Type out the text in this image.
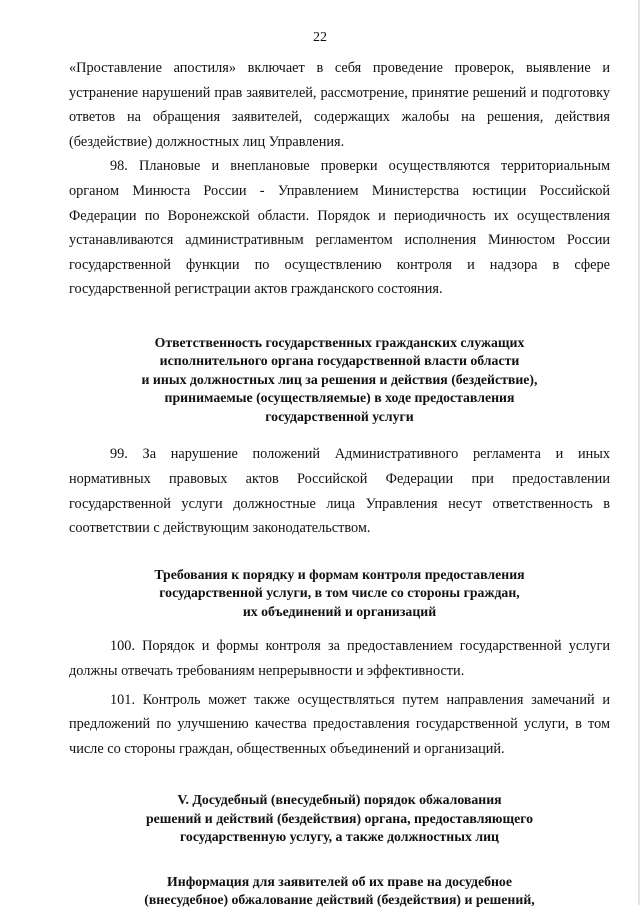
22

«Проставление апостиля» включает в себя проведение проверок, выявление и устранение нарушений прав заявителей, рассмотрение, принятие решений и подготовку ответов на обращения заявителей, содержащих жалобы на решения, действия (бездействие) должностных лиц Управления.

98. Плановые и внеплановые проверки осуществляются территориальным органом Минюста России - Управлением Министерства юстиции Российской Федерации по Воронежской области. Порядок и периодичность их осуществления устанавливаются административным регламентом исполнения Минюстом России государственной функции по осуществлению контроля и надзора в сфере государственной регистрации актов гражданского состояния.

Ответственность государственных гражданских служащих
исполнительного органа государственной власти области
и иных должностных лиц за решения и действия (бездействие),
принимаемые (осуществляемые) в ходе предоставления
государственной услуги

99. За нарушение положений Административного регламента и иных нормативных правовых актов Российской Федерации при предоставлении государственной услуги должностные лица Управления несут ответственность в соответствии с действующим законодательством.

Требования к порядку и формам контроля предоставления
государственной услуги, в том числе со стороны граждан,
их объединений и организаций

100. Порядок и формы контроля за предоставлением государственной услуги должны отвечать требованиям непрерывности и эффективности.

101. Контроль может также осуществляться путем направления замечаний и предложений по улучшению качества предоставления государственной услуги, в том числе со стороны граждан, общественных объединений и организаций.

V. Досудебный (внесудебный) порядок обжалования
решений и действий (бездействия) органа, предоставляющего
государственную услугу, а также должностных лиц
Информация для заявителей об их праве на досудебное
(внесудебное) обжалование действий (бездействия) и решений,
